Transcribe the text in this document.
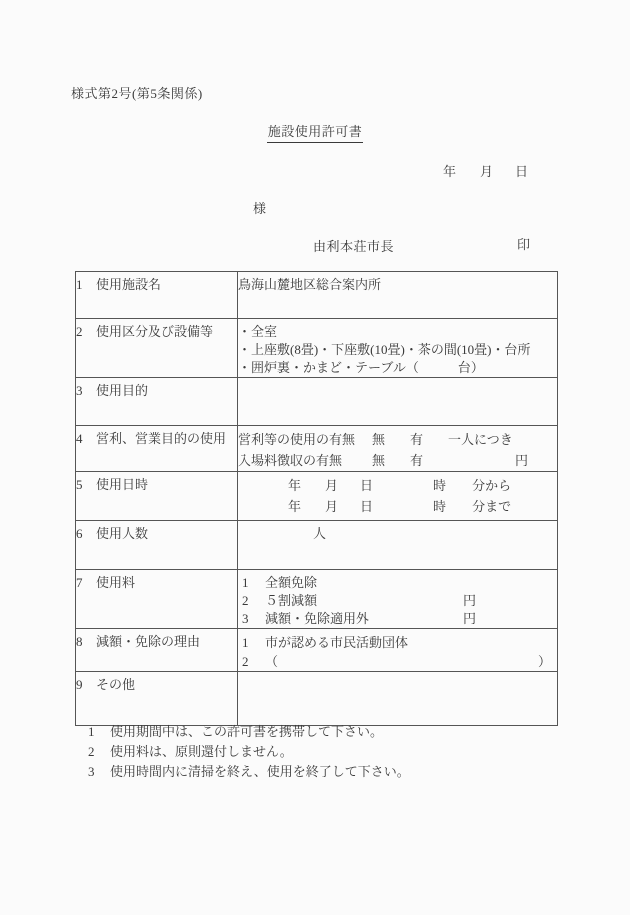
様式第2号(第5条関係)
施設使用許可書
年 月 日
様
由利本荘市長	印
1 使用施設名	鳥海山麓地区総合案内所

2 使用区分及び設備等	・全室
・上座敷(8畳)・下座敷(10畳)・茶の間(10畳)・台所
・囲炉裏・かまど・テーブル（　　　台）

3 使用目的	
4 営利、営業目的の使用	営利等の使用の有無 無 有 一人につき
入場料徴収の有無 無 有 円

5 使用日時	年 月 日 時 分から
年 月 日 時 分まで

6 使用人数	人
7 使用料	1 全額免除
2 ５割減額 円
3 減額・免除適用外 円

8 減額・免除の理由	1 市が認める市民活動団体
2 （ ）

9 その他	
1 使用期間中は、この許可書を携帯して下さい。
2 使用料は、原則還付しません。
3 使用時間内に清掃を終え、使用を終了して下さい。
